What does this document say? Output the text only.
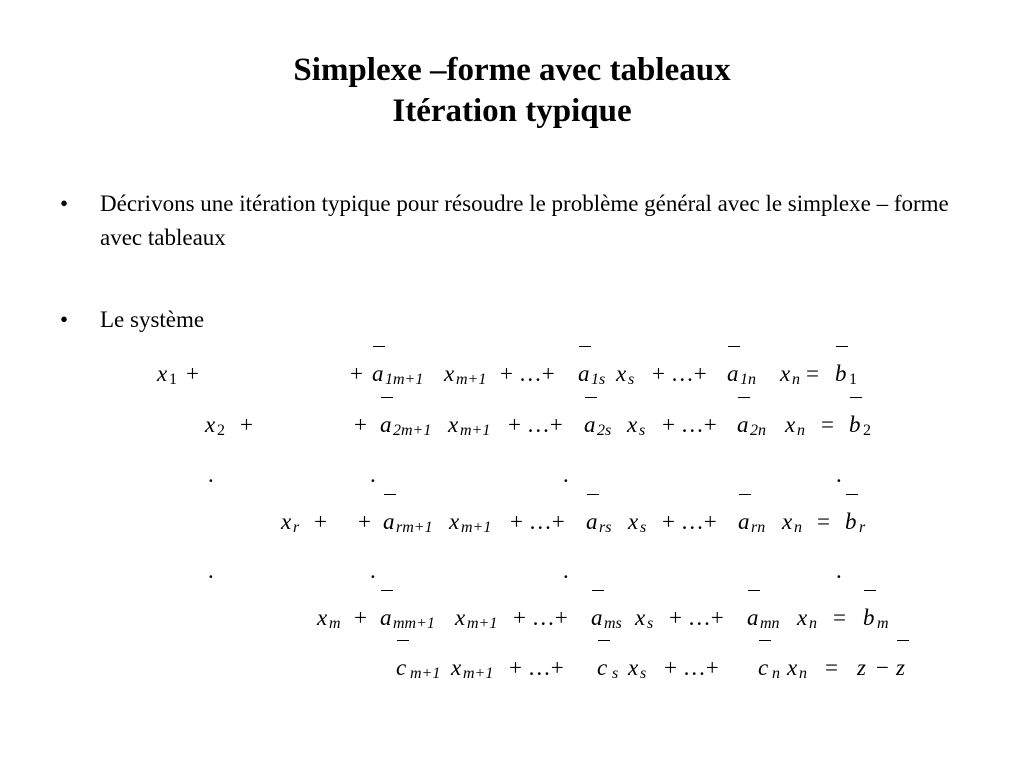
Simplexe –forme avec tableaux
Itération typique
•	Décrivons une itération typique pour résoudre le problème général avec le simplexe – forme avec tableaux
•	Le système
x 1 +	+ a 1m+1 x m+1 + …+ a 1s x s + …+ a 1n x n = b 1
x 2 +	+ a 2m+1 x m+1 + …+ a 2s x s + …+ a 2n x n = b 2
x r + + a rm+1 x m+1 + …+ a rs x s + …+ a rn x n = b r
x m + a mm+1 x m+1 + …+ a ms x s + …+ a mn x n = b m
.	.	.	.
.	.	.	.
c m+1 x m+1 + …+ c s x s + …+ c n x n = z − z
